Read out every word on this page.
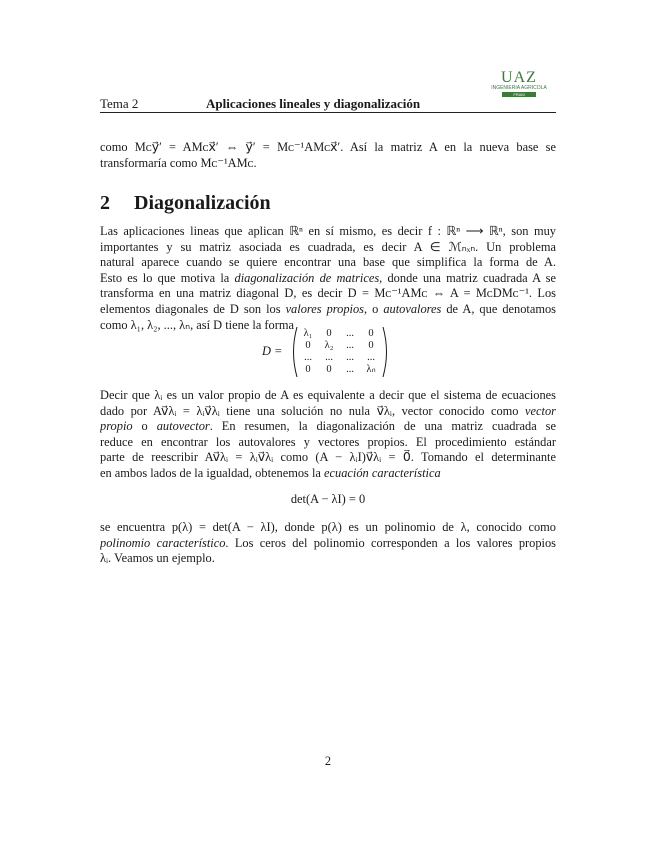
UAZ
INGENIERÍA AGRÍCOLA
FRAM
Tema 2	Aplicaciones lineales y diagonalización
como Mᴄy⃗′ = AMᴄx⃗′ ⇔ y⃗′ = Mᴄ⁻¹AMᴄx⃗′. Así la matriz A en la nueva base se
transformaría como Mᴄ⁻¹AMᴄ.
2 Diagonalización
Las aplicaciones lineas que aplican ℝⁿ en sí mismo, es decir f : ℝⁿ ⟶ ℝⁿ, son muy
importantes y su matriz asociada es cuadrada, es decir A ∈ ℳₙₓₙ. Un problema
natural aparece cuando se quiere encontrar una base que simplifica la forma de A.
Esto es lo que motiva la diagonalización de matrices, donde una matriz cuadrada A se
transforma en una matriz diagonal D, es decir D = Mᴄ⁻¹AMᴄ ⇔ A = MᴄDMᴄ⁻¹. Los
elementos diagonales de D son los valores propios, o autovalores de A, que denotamos
como λ₁, λ₂, ..., λₙ, así D tiene la forma
D =
λ₁	0	...	0
0	λ₂	...	0
...	...	...	...
0	0	...	λₙ
Decir que λᵢ es un valor propio de A es equivalente a decir que el sistema de ecuaciones
dado por Av⃗λᵢ = λᵢv⃗λᵢ tiene una solución no nula v⃗λᵢ, vector conocido como vector
propio o autovector. En resumen, la diagonalización de una matriz cuadrada se
reduce en encontrar los autovalores y vectores propios. El procedimiento estándar
parte de reescribir Av⃗λᵢ = λᵢv⃗λᵢ como (A − λᵢI)v⃗λᵢ = 0⃗. Tomando el determinante
en ambos lados de la igualdad, obtenemos la ecuación característica
det(A − λI) = 0
se encuentra p(λ) = det(A − λI), donde p(λ) es un polinomio de λ, conocido como
polinomio característico. Los ceros del polinomio corresponden a los valores propios
λᵢ. Veamos un ejemplo.
2
